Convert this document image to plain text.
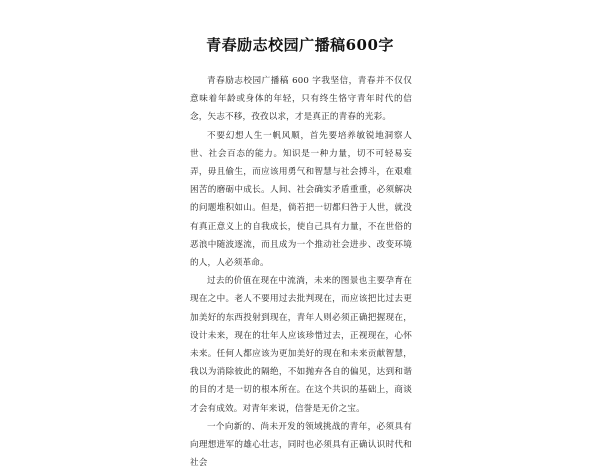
青春励志校园广播稿600字

青春励志校园广播稿 600 字我坚信，青春并不仅仅意味着年龄或身体的年轻，只有终生恪守青年时代的信念，矢志不移，孜孜以求，才是真正的青春的光彩。

不要幻想人生一帆风顺，首先要培养敏锐地洞察人世、社会百态的能力。知识是一种力量，切不可轻易妄弄，毋且偷生，而应该用勇气和智慧与社会搏斗，在艰难困苦的磨砺中成长。人间、社会确实矛盾重重，必须解决的问题堆积如山。但是，倘若把一切都归咎于人世，就没有真正意义上的自我成长，使自己具有力量，不在世俗的恶浪中随波逐流，而且成为一个推动社会进步、改变环境的人，人必须革命。

过去的价值在现在中流淌，未来的图景也主要孕育在现在之中。老人不要用过去批判现在，而应该把比过去更加美好的东西投射到现在，青年人则必须正确把握现在，设计未来，现在的壮年人应该珍惜过去，正视现在，心怀未来。任何人都应该为更加美好的现在和未来贡献智慧，我以为消除彼此的隔绝，不如抛弃各自的偏见，达到和谐的目的才是一切的根本所在。在这个共识的基础上，商谈才会有成效。对青年来说，信誉是无价之宝。

一个向新的、尚未开发的领域挑战的青年，必须具有向理想进军的雄心壮志，同时也必须具有正确认识时代和社会
